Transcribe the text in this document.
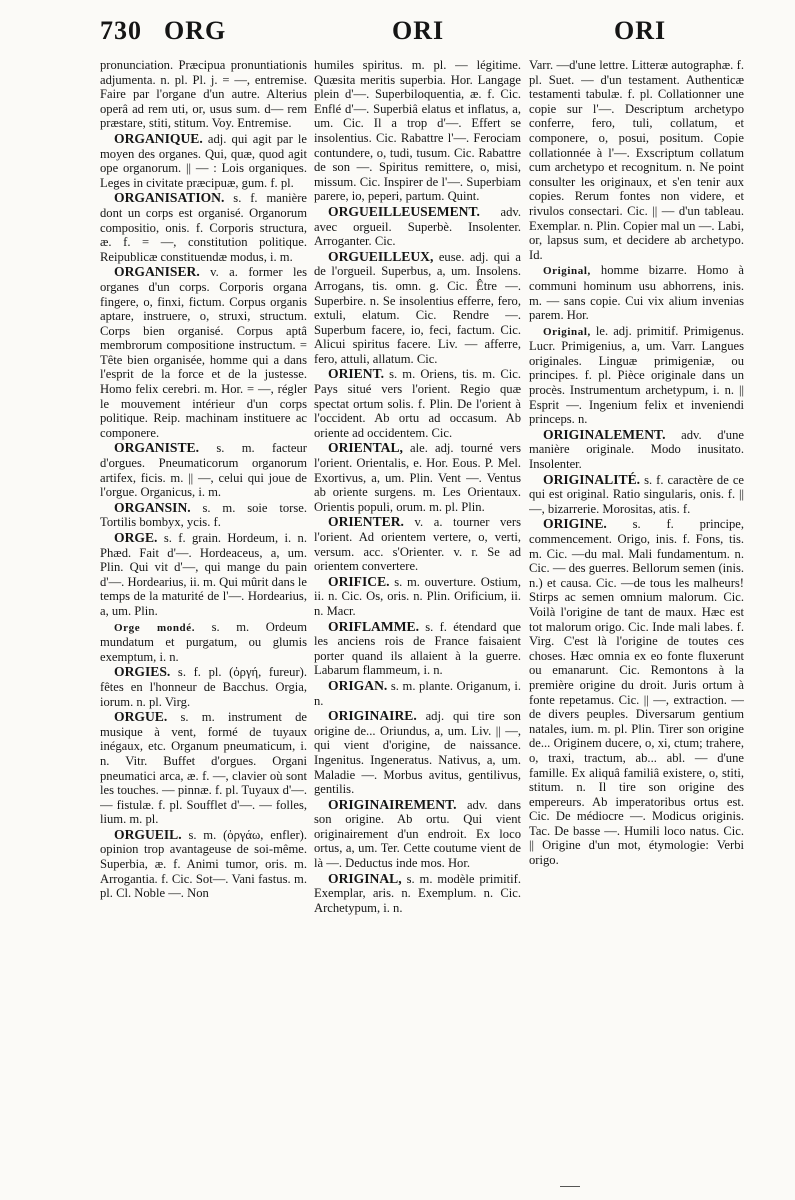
730 ORG	ORI	ORI

pronunciation. Præcipua pronuntiationis adjumenta. n. pl. Pl. j. = —, entremise. Faire par l'organe d'un autre. Alterius operâ ad rem uti, or, usus sum. d— rem præstare, stiti, stitum. Voy. Entremise.

ORGANIQUE. adj. qui agit par le moyen des organes. Qui, quæ, quod agit ope organorum. || — : Lois organiques. Leges in civitate præcipuæ, gum. f. pl.

ORGANISATION. s. f. manière dont un corps est organisé. Organorum compositio, onis. f. Corporis structura, æ. f. = —, constitution politique. Reipublicæ constituendæ modus, i. m.

ORGANISER. v. a. former les organes d'un corps. Corporis organa fingere, o, finxi, fictum. Corpus organis aptare, instruere, o, struxi, structum. Corps bien organisé. Corpus aptâ membrorum compositione instructum. = Tête bien organisée, homme qui a dans l'esprit de la force et de la justesse. Homo felix cerebri. m. Hor. = —, régler le mouvement intérieur d'un corps politique. Reip. machinam instituere ac componere.

ORGANISTE. s. m. facteur d'orgues. Pneumaticorum organorum artifex, ficis. m. || —, celui qui joue de l'orgue. Organicus, i. m.

ORGANSIN. s. m. soie torse. Tortilis bombyx, ycis. f.

ORGE. s. f. grain. Hordeum, i. n. Phæd. Fait d'—. Hordeaceus, a, um. Plin. Qui vit d'—, qui mange du pain d'—. Hordearius, ii. m. Qui mûrit dans le temps de la maturité de l'—. Hordearius, a, um. Plin.

Orge mondé. s. m. Ordeum mundatum et purgatum, ou glumis exemptum, i. n.

ORGIES. s. f. pl. (ὀργή, fureur). fêtes en l'honneur de Bacchus. Orgia, iorum. n. pl. Virg.

ORGUE. s. m. instrument de musique à vent, formé de tuyaux inégaux, etc. Organum pneumaticum, i. n. Vitr. Buffet d'orgues. Organi pneumatici arca, æ. f. —, clavier où sont les touches. — pinnæ. f. pl. Tuyaux d'—. — fistulæ. f. pl. Soufflet d'—. — folles, lium. m. pl.

ORGUEIL. s. m. (ὀργάω, enfler). opinion trop avantageuse de soi-même. Superbia, æ. f. Animi tumor, oris. m. Arrogantia. f. Cic. Sot—. Vani fastus. m. pl. Cl. Noble —. Non

humiles spiritus. m. pl. — légitime. Quæsita meritis superbia. Hor. Langage plein d'—. Superbiloquentia, æ. f. Cic. Enflé d'—. Superbiâ elatus et inflatus, a, um. Cic. Il a trop d'—. Effert se insolentius. Cic. Rabattre l'—. Ferociam contundere, o, tudi, tusum. Cic. Rabattre de son —. Spiritus remittere, o, misi, missum. Cic. Inspirer de l'—. Superbiam parere, io, peperi, partum. Quint.

ORGUEILLEUSEMENT. adv. avec orgueil. Superbè. Insolenter. Arroganter. Cic.

ORGUEILLEUX, euse. adj. qui a de l'orgueil. Superbus, a, um. Insolens. Arrogans, tis. omn. g. Cic. Être —. Superbire. n. Se insolentius efferre, fero, extuli, elatum. Cic. Rendre —. Superbum facere, io, feci, factum. Cic. Alicui spiritus facere. Liv. — afferre, fero, attuli, allatum. Cic.

ORIENT. s. m. Oriens, tis. m. Cic. Pays situé vers l'orient. Regio quæ spectat ortum solis. f. Plin. De l'orient à l'occident. Ab ortu ad occasum. Ab oriente ad occidentem. Cic.

ORIENTAL, ale. adj. tourné vers l'orient. Orientalis, e. Hor. Eous. P. Mel. Exortivus, a, um. Plin. Vent —. Ventus ab oriente surgens. m. Les Orientaux. Orientis populi, orum. m. pl. Plin.

ORIENTER. v. a. tourner vers l'orient. Ad orientem vertere, o, verti, versum. acc. s'Orienter. v. r. Se ad orientem convertere.

ORIFICE. s. m. ouverture. Ostium, ii. n. Cic. Os, oris. n. Plin. Orificium, ii. n. Macr.

ORIFLAMME. s. f. étendard que les anciens rois de France faisaient porter quand ils allaient à la guerre. Labarum flammeum, i. n.

ORIGAN. s. m. plante. Origanum, i. n.

ORIGINAIRE. adj. qui tire son origine de... Oriundus, a, um. Liv. || —, qui vient d'origine, de naissance. Ingenitus. Ingeneratus. Nativus, a, um. Maladie —. Morbus avitus, gentilivus, gentilis.

ORIGINAIREMENT. adv. dans son origine. Ab ortu. Qui vient originairement d'un endroit. Ex loco ortus, a, um. Ter. Cette coutume vient de là —. Deductus inde mos. Hor.

ORIGINAL, s. m. modèle primitif. Exemplar, aris. n. Exemplum. n. Cic. Archetypum, i. n.

Varr. —d'une lettre. Litteræ autographæ. f. pl. Suet. — d'un testament. Authenticæ testamenti tabulæ. f. pl. Collationner une copie sur l'—. Descriptum archetypo conferre, fero, tuli, collatum, et componere, o, posui, positum. Copie collationnée à l'—. Exscriptum collatum cum archetypo et recognitum. n. Ne point consulter les originaux, et s'en tenir aux copies. Rerum fontes non videre, et rivulos consectari. Cic. || — d'un tableau. Exemplar. n. Plin. Copier mal un —. Labi, or, lapsus sum, et decidere ab archetypo. Id.

Original, homme bizarre. Homo à communi hominum usu abhorrens, inis. m. — sans copie. Cui vix alium invenias parem. Hor.

Original, le. adj. primitif. Primigenus. Lucr. Primigenius, a, um. Varr. Langues originales. Linguæ primigeniæ, ou principes. f. pl. Pièce originale dans un procès. Instrumentum archetypum, i. n. || Esprit —. Ingenium felix et inveniendi princeps. n.

ORIGINALEMENT. adv. d'une manière originale. Modo inusitato. Insolenter.

ORIGINALITÉ. s. f. caractère de ce qui est original. Ratio singularis, onis. f. || —, bizarrerie. Morositas, atis. f.

ORIGINE. s. f. principe, commencement. Origo, inis. f. Fons, tis. m. Cic. —du mal. Mali fundamentum. n. Cic. — des guerres. Bellorum semen (inis. n.) et causa. Cic. —de tous les malheurs! Stirps ac semen omnium malorum. Cic. Voilà l'origine de tant de maux. Hæc est tot malorum origo. Cic. Inde mali labes. f. Virg. C'est là l'origine de toutes ces choses. Hæc omnia ex eo fonte fluxerunt ou emanarunt. Cic. Remontons à la première origine du droit. Juris ortum à fonte repetamus. Cic. || —, extraction. — de divers peuples. Diversarum gentium natales, ium. m. pl. Plin. Tirer son origine de... Originem ducere, o, xi, ctum; trahere, o, traxi, tractum, ab... abl. — d'une famille. Ex aliquâ familiâ existere, o, stiti, stitum. n. Il tire son origine des empereurs. Ab imperatoribus ortus est. Cic. De médiocre —. Modicus originis. Tac. De basse —. Humili loco natus. Cic. || Origine d'un mot, étymologie: Verbi origo.
